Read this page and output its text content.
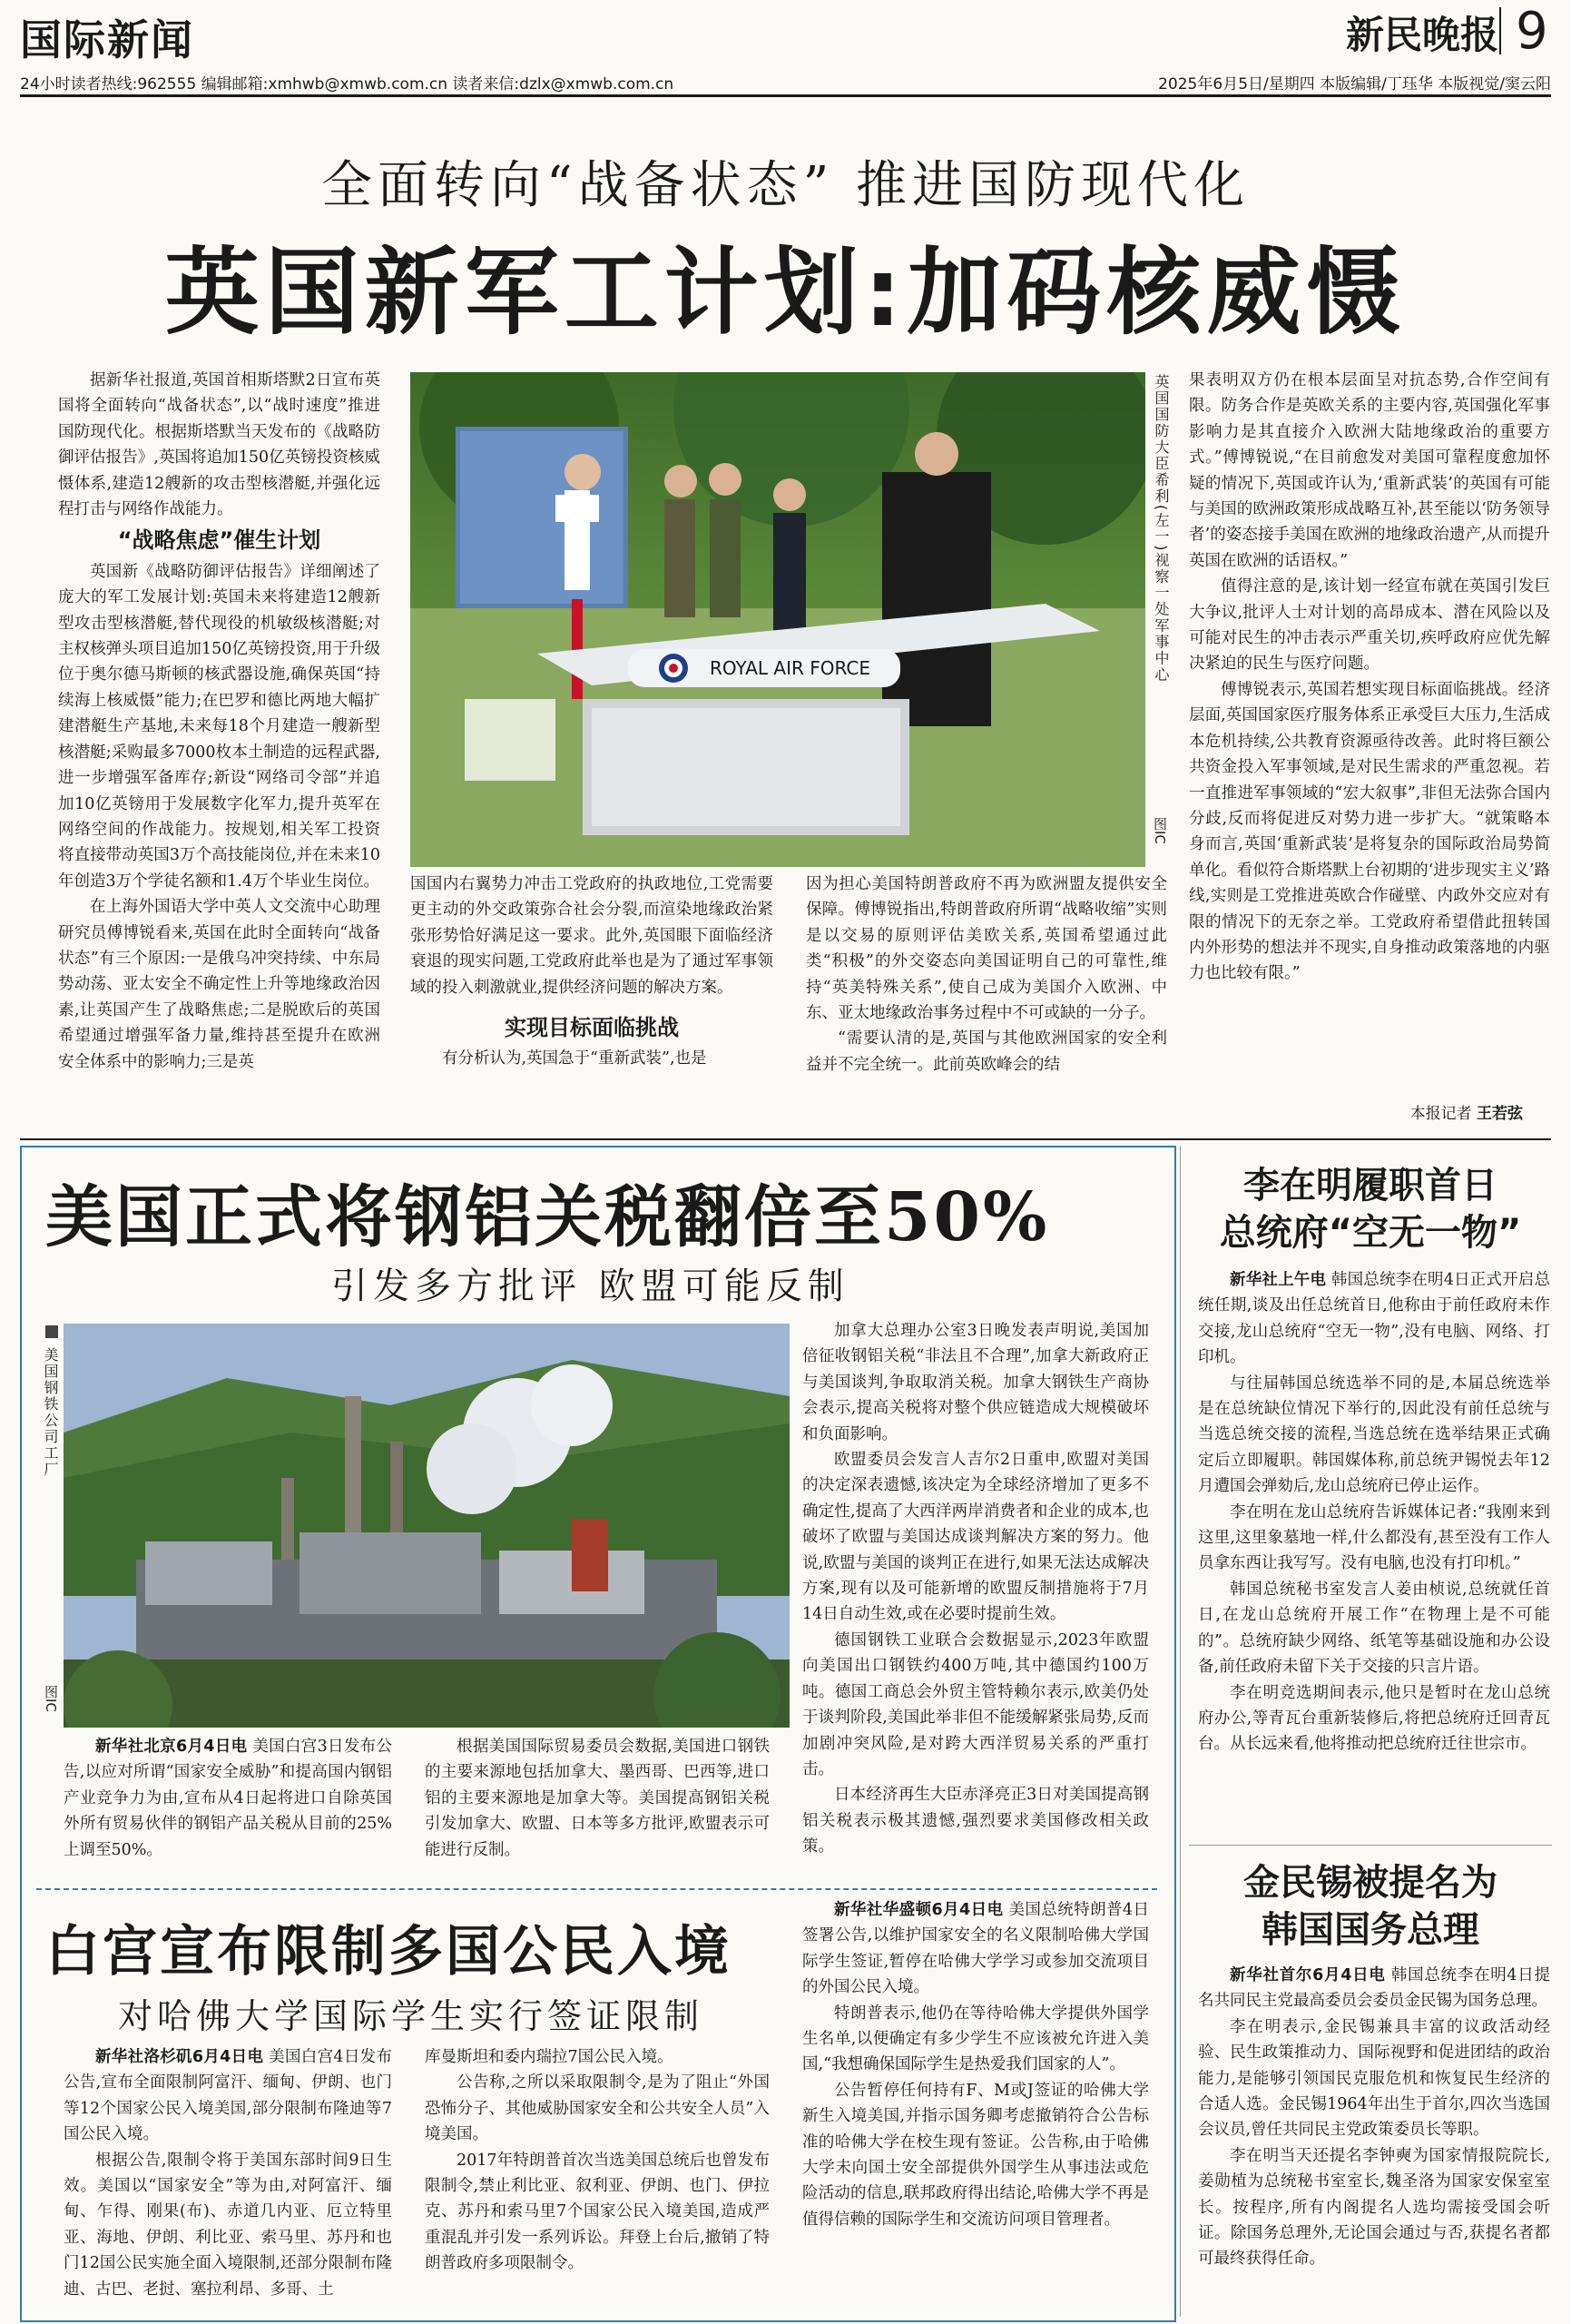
国际新闻	新民晚报 9
24小时读者热线:962555 编辑邮箱:xmhwb@xmwb.com.cn 读者来信:dzlx@xmwb.com.cn	2025年6月5日/星期四 本版编辑/丁珏华 本版视觉/窦云阳
全面转向“战备状态” 推进国防现代化
英国新军工计划:加码核威慑

据新华社报道,英国首相斯塔默2日宣布英国将全面转向“战备状态”,以“战时速度”推进国防现代化。根据斯塔默当天发布的《战略防御评估报告》,英国将追加150亿英镑投资核威慑体系,建造12艘新的攻击型核潜艇,并强化远程打击与网络作战能力。

“战略焦虑”催生计划

英国新《战略防御评估报告》详细阐述了庞大的军工发展计划:英国未来将建造12艘新型攻击型核潜艇,替代现役的机敏级核潜艇;对主权核弹头项目追加150亿英镑投资,用于升级位于奥尔德马斯顿的核武器设施,确保英国“持续海上核威慑”能力;在巴罗和德比两地大幅扩建潜艇生产基地,未来每18个月建造一艘新型核潜艇;采购最多7000枚本土制造的远程武器,进一步增强军备库存;新设“网络司令部”并追加10亿英镑用于发展数字化军力,提升英军在网络空间的作战能力。按规划,相关军工投资将直接带动英国3万个高技能岗位,并在未来10年创造3万个学徒名额和1.4万个毕业生岗位。

在上海外国语大学中英人文交流中心助理研究员傅博锐看来,英国在此时全面转向“战备状态”有三个原因:一是俄乌冲突持续、中东局势动荡、亚太安全不确定性上升等地缘政治因素,让英国产生了战略焦虑;二是脱欧后的英国希望通过增强军备力量,维持甚至提升在欧洲安全体系中的影响力;三是英

ROYAL AIR FORCE	英国国防大臣希利(左一)视察一处军事中心
图IC

国国内右翼势力冲击工党政府的执政地位,工党需要更主动的外交政策弥合社会分裂,而渲染地缘政治紧张形势恰好满足这一要求。此外,英国眼下面临经济衰退的现实问题,工党政府此举也是为了通过军事领域的投入刺激就业,提供经济问题的解决方案。

实现目标面临挑战

有分析认为,英国急于“重新武装”,也是

因为担心美国特朗普政府不再为欧洲盟友提供安全保障。傅博锐指出,特朗普政府所谓“战略收缩”实则是以交易的原则评估美欧关系,英国希望通过此类“积极”的外交姿态向美国证明自己的可靠性,维持“英美特殊关系”,使自己成为美国介入欧洲、中东、亚太地缘政治事务过程中不可或缺的一分子。

“需要认清的是,英国与其他欧洲国家的安全利益并不完全统一。此前英欧峰会的结

果表明双方仍在根本层面呈对抗态势,合作空间有限。防务合作是英欧关系的主要内容,英国强化军事影响力是其直接介入欧洲大陆地缘政治的重要方式。”傅博锐说,“在目前愈发对美国可靠程度愈加怀疑的情况下,英国或许认为,‘重新武装’的英国有可能与美国的欧洲政策形成战略互补,甚至能以‘防务领导者’的姿态接手美国在欧洲的地缘政治遗产,从而提升英国在欧洲的话语权。”

值得注意的是,该计划一经宣布就在英国引发巨大争议,批评人士对计划的高昂成本、潜在风险以及可能对民生的冲击表示严重关切,疾呼政府应优先解决紧迫的民生与医疗问题。

傅博锐表示,英国若想实现目标面临挑战。经济层面,英国国家医疗服务体系正承受巨大压力,生活成本危机持续,公共教育资源亟待改善。此时将巨额公共资金投入军事领域,是对民生需求的严重忽视。若一直推进军事领域的“宏大叙事”,非但无法弥合国内分歧,反而将促进反对势力进一步扩大。“就策略本身而言,英国‘重新武装’是将复杂的国际政治局势简单化。看似符合斯塔默上台初期的‘进步现实主义’路线,实则是工党推进英欧合作碰壁、内政外交应对有限的情况下的无奈之举。工党政府希望借此扭转国内外形势的想法并不现实,自身推动政策落地的内驱力也比较有限。”

本报记者 王若弦
美国正式将钢铝关税翻倍至50%
引发多方批评 欧盟可能反制
美国钢铁公司工厂
图IC

新华社北京6月4日电 美国白宫3日发布公告,以应对所谓“国家安全威胁”和提高国内钢铝产业竞争力为由,宣布从4日起将进口自除英国外所有贸易伙伴的钢铝产品关税从目前的25%上调至50%。

根据美国国际贸易委员会数据,美国进口钢铁的主要来源地包括加拿大、墨西哥、巴西等,进口铝的主要来源地是加拿大等。美国提高钢铝关税引发加拿大、欧盟、日本等多方批评,欧盟表示可能进行反制。

加拿大总理办公室3日晚发表声明说,美国加倍征收钢铝关税“非法且不合理”,加拿大新政府正与美国谈判,争取取消关税。加拿大钢铁生产商协会表示,提高关税将对整个供应链造成大规模破坏和负面影响。

欧盟委员会发言人吉尔2日重申,欧盟对美国的决定深表遗憾,该决定为全球经济增加了更多不确定性,提高了大西洋两岸消费者和企业的成本,也破坏了欧盟与美国达成谈判解决方案的努力。他说,欧盟与美国的谈判正在进行,如果无法达成解决方案,现有以及可能新增的欧盟反制措施将于7月14日自动生效,或在必要时提前生效。

德国钢铁工业联合会数据显示,2023年欧盟向美国出口钢铁约400万吨,其中德国约100万吨。德国工商总会外贸主管特赖尔表示,欧美仍处于谈判阶段,美国此举非但不能缓解紧张局势,反而加剧冲突风险,是对跨大西洋贸易关系的严重打击。

日本经济再生大臣赤泽亮正3日对美国提高钢铝关税表示极其遗憾,强烈要求美国修改相关政策。

白宫宣布限制多国公民入境
对哈佛大学国际学生实行签证限制

新华社洛杉矶6月4日电 美国白宫4日发布公告,宣布全面限制阿富汗、缅甸、伊朗、也门等12个国家公民入境美国,部分限制布隆迪等7国公民入境。

根据公告,限制令将于美国东部时间9日生效。美国以“国家安全”等为由,对阿富汗、缅甸、乍得、刚果(布)、赤道几内亚、厄立特里亚、海地、伊朗、利比亚、索马里、苏丹和也门12国公民实施全面入境限制,还部分限制布隆迪、古巴、老挝、塞拉利昂、多哥、土

库曼斯坦和委内瑞拉7国公民入境。

公告称,之所以采取限制令,是为了阻止“外国恐怖分子、其他威胁国家安全和公共安全人员”入境美国。

2017年特朗普首次当选美国总统后也曾发布限制令,禁止利比亚、叙利亚、伊朗、也门、伊拉克、苏丹和索马里7个国家公民入境美国,造成严重混乱并引发一系列诉讼。拜登上台后,撤销了特朗普政府多项限制令。

新华社华盛顿6月4日电 美国总统特朗普4日签署公告,以维护国家安全的名义限制哈佛大学国际学生签证,暂停在哈佛大学学习或参加交流项目的外国公民入境。

特朗普表示,他仍在等待哈佛大学提供外国学生名单,以便确定有多少学生不应该被允许进入美国,“我想确保国际学生是热爱我们国家的人”。

公告暂停任何持有F、M或J签证的哈佛大学新生入境美国,并指示国务卿考虑撤销符合公告标准的哈佛大学在校生现有签证。公告称,由于哈佛大学未向国土安全部提供外国学生从事违法或危险活动的信息,联邦政府得出结论,哈佛大学不再是值得信赖的国际学生和交流访问项目管理者。

李在明履职首日
总统府“空无一物”

新华社上午电 韩国总统李在明4日正式开启总统任期,谈及出任总统首日,他称由于前任政府未作交接,龙山总统府“空无一物”,没有电脑、网络、打印机。

与往届韩国总统选举不同的是,本届总统选举是在总统缺位情况下举行的,因此没有前任总统与当选总统交接的流程,当选总统在选举结果正式确定后立即履职。韩国媒体称,前总统尹锡悦去年12月遭国会弹劾后,龙山总统府已停止运作。

李在明在龙山总统府告诉媒体记者:“我刚来到这里,这里象墓地一样,什么都没有,甚至没有工作人员拿东西让我写写。没有电脑,也没有打印机。”

韩国总统秘书室发言人姜由桢说,总统就任首日,在龙山总统府开展工作“在物理上是不可能的”。总统府缺少网络、纸笔等基础设施和办公设备,前任政府未留下关于交接的只言片语。

李在明竞选期间表示,他只是暂时在龙山总统府办公,等青瓦台重新装修后,将把总统府迁回青瓦台。从长远来看,他将推动把总统府迁往世宗市。

金民锡被提名为
韩国国务总理

新华社首尔6月4日电 韩国总统李在明4日提名共同民主党最高委员会委员金民锡为国务总理。

李在明表示,金民锡兼具丰富的议政活动经验、民生政策推动力、国际视野和促进团结的政治能力,是能够引领国民克服危机和恢复民生经济的合适人选。金民锡1964年出生于首尔,四次当选国会议员,曾任共同民主党政策委员长等职。

李在明当天还提名李钟奭为国家情报院院长,姜勋植为总统秘书室室长,魏圣洛为国家安保室室长。按程序,所有内阁提名人选均需接受国会听证。除国务总理外,无论国会通过与否,获提名者都可最终获得任命。
